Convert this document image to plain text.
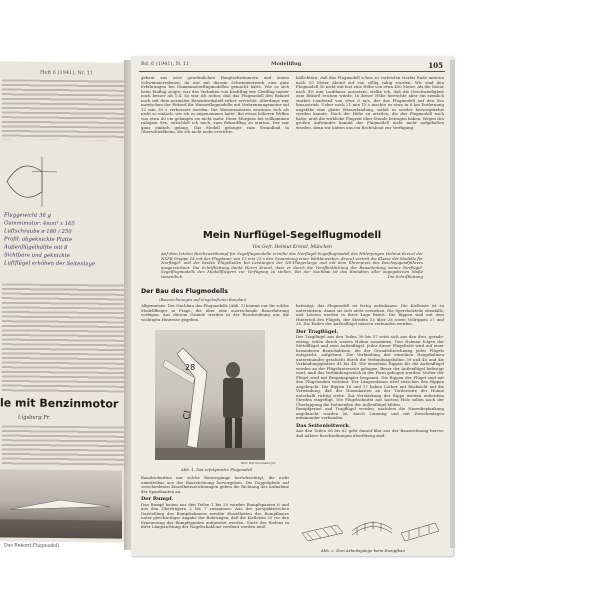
Heft 6 (1941), Nr. 11
Fluggewicht 36 g
Gummimotor: 4mm² x 165
Luftschraube ø 180 / 250
Profil: abgeknickte Platte
Außenflügelhälfte mit 8
Sichtbare und geknickte
Luftflügel erhöhen der Seitenlage
le mit Benzinmotor
Ligsburg Pr.
Das Rekord-Flugmodell
Bd. 6 (1941), N. 11	Modellflug	105

gebaut aus zwei gewöhnlichen Hauptschwimmern und einem Schwimmerrahmen, da mir mit diesem Schwimmerwerk eine gute Erfahrungen bei Gummimotorflugmodellen gemacht hatte. Wie es sich beim Einflug zeigte, war das Verhalten von Kraftflug wie Gleitflug immer noch besser als 1:4. So war ich sicher, daß das Flugmodell den Rekord noch mit dem normalen Benzintreibstoff sicher erreichte. Allerdings war inzwischen der Rekord für Wasserflugmodelle mit Verbrennungsmotor auf 12 min 30 s verbessert worden. Die Wassermotoren erwiesen sich als nicht so einfach, wie ich es angenommen hatte. Bei etwas höheren Wellen von etwa 40 cm gelangen sie nicht mehr. Einer Morgens bei vollkommen ruhigem See, entschloß ich mich, zum Rekordflug zu starten. Der mir ganz einfach gelang. Das Modell gelangte zum Strandbad in Oberschleißheim, die ich nicht mehr erreichte.

hällichtern, daß das Flugmodell schon zu vorletzten vierbis Ende unteren nach 15 Meter Abend auf von völlig ruhig wurden. Wir sind den Flugmodell 30 nicht mit fast eine Höhe von etwa 400 Meter. Als die Motor nach 4½ min Laufdauer aussetzte, stellte ich, daß die Geschwindigkeit zum Rekord reichen würde. In dieser Höhe herrschte aber ein ziemlich starker Landwind von etwa 8 m/s, der das Flugmodell auf den See hinaustrieb. Ueber nach 21 min 15 s machte es etwa in 8 km Entfernung ungefähr eine glatte Wasserlandung, sodaß es wieder hervorgekehrt werden konnte. Nach der Höhe zu urteilen, die das Flugmodell noch hatte, muß die wirkliche Flugzeit über Stunde betragen haben. Wegen des großen Aufwandes kommt das Flugmodell nicht mehr aufgehalten werden, denn wir hätten uns ein Rechtsboot zur Verfügung.

Mein Nurflügel-Segelflugmodell
Von Gefr. Helmut Krenzl, München
Auf dem letzten Reichswettkampf für Segelflugmodelle erzielte das Nurflügel-Segelflugmodell des Hitlerjungen Helmut Krenzl der NSFK-Gruppe 14 mit der Flugdauer von 13 min 23 s den Gesamtsieg einer Wettbewerbes. Krenzl vertritt die Klasse der Modelle für Nurflügel- und der beiden Flügelteilen bei Leistungen der NS-Fliegerlarge und mit dem Ehrenpreis des Reichsjugendführers ausgezeichnet. Die Schriftleitung dankt Herrn Krenzl, dass er durch die Veröffentlichung der Bauanleitung seines Nurflügel-Segelflugmodells den Modellfliegern zur Verfügung zu stellen. Bei der Nachbau ist das Einhalten aller angegebenen Maße wesentlich.	Die Schriftleitung
Der Bau des Flugmodells
(Bauzeichnungen auf eingehefteten Bauplan)

Allgemeines. Der Nachbau des Flugmodells (Abb. 1) kommt nur für solche Modellflieger in Frage, die über eine ausreichende Bauerfahrung verfügen. Aus diesem Grunde werden in der Beschreibung nur die wichtigen Hinweise gegeben.

CI
28
Bild: Herrmannsdorfer
Abb. 1. Das erfolgreiche Flugmodell

Bauabschnitten nur solche Bauvorgänge berücksichtigt, die nicht unmittelbar aus der Bauzeichnung hervorgehen. Die Doppelpfeile auf verschiedenen Einzelheitszeichnungen geben die Richtung der Aufnahme der Spantkanten an.

Der Rumpf.

Den Rumpf bauen aus den Teilen 1 bis 20 werden Rumpfspanten 6 und aus den Oberträgern 2 bis 7 zusammen. Aus der perspektivischen Darstellung des Rumpfrahmens werden Einzelheiten des Rumpfbaues unter gleichzeitiger Angabe der Bohrungen, daß die Kielleiste 20 vor den Erneuerung der Rumpfspanten aufgesetzt werden. Gurte des Bodens in ihrer Längsrichtung der Nagelschablone verdient werden muß.

befestigt, das Flugmodell ist fertig aufzubauen. Die Kielleiste ist zu unterstützen, damit sie sich nicht verziehen. Die Sperrholzteile ebenfalls, und Leisten werden in ihrer Lage fixiert. Die Rippen sind mit dem Hinterteil des Flügels, der Streifen 13 über 26 sowie Vollrippen 27 und 28. Die Enden der Außenflügel müssen verbunden werden.

Der Tragflügel.

Der Tragflügel aus den Teilen 30 bis 57 setzt sich aus den drei, geradewiesig, teilen durch weisen Holme zusammen. Den Holmen folgen der Mittelflügel und zwei Außenflügel. Jeder dieser Flügelteile wird auf einer besonderen Bauschablone, die der Grundrißzeichnung jedes Flügels entspricht, aufgebaut. Die Verbindung der einzelnen Hauptholmen untereinander geschieht durch die Verbindungsholme 39 und 40 und die Verbindungsplatten 41 bis 48. Die einzelnen Rippen für die Außenflügel werden an der Flügelunterseite gebogen. Bevor der Außenflügel befestigt wird, muß das Verbindungsstück in der Form gebogen werden. Vorher der Flügel wird mit Bespannpapier bespannt. Die Rippen der Flügel sind mit den Flügelenden verleimt. Der Längsrahmen wird zwischen den Rippen angebracht. Die Rippen 16 und 17 haben Löcher mit Rücksicht auf die Verwindung, daß der Nasenkasten an der Vorderseite der Holme unterhalb richtig stehe. Zur Verstärkung der Rippe werden außerdem Streifen eingefügt. Die Flügelschnitte aus hartem Holz sollen nach der Überlappung die Holmenden der Außenflügel bilden.

Rumpfgerüst und Tragflügel werden, nachdem die Nasenbeplankung angebracht worden ist, durch Leimung und mit Zwischenlagen miteinander verbunden.

Das Seitenleitwerk.

Aus den Teilen 58 bis 62 geht darauf klar aus der Bauzeichnung hervor, daß nähere Beschreibungen überflüssig sind.

Abb. 2. Drei Arbeitsgänge beim Rumpfbau
